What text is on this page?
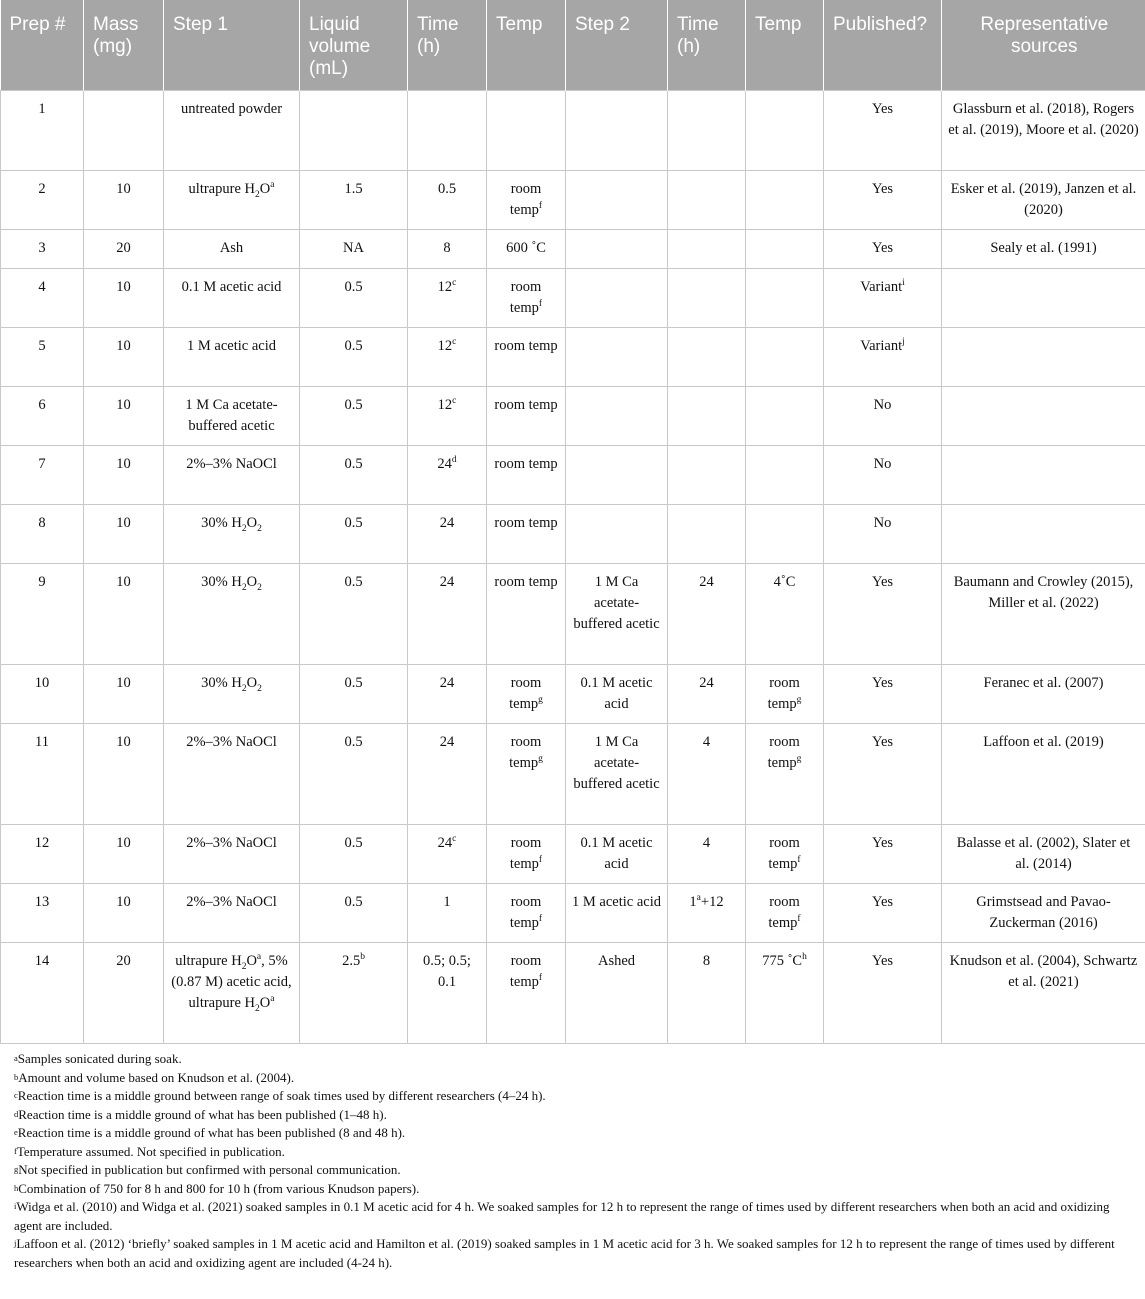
Prep #	Mass (mg)	Step 1	Liquid volume (mL)	Time (h)	Temp	Step 2	Time (h)	Temp	Published?	Representative sources
1		untreated powder							Yes	Glassburn et al. (2018), Rogers et al. (2019), Moore et al. (2020)
2	10	ultrapure $H_2O^a$	1.5	0.5	room temp$^f$				Yes	Esker et al. (2019), Janzen et al. (2020)
3	20	Ash	NA	8	600 ˚C				Yes	Sealy et al. (1991)
4	10	0.1 M acetic acid	0.5	12$^c$	room temp$^f$				Variant$^i$	
5	10	1 M acetic acid	0.5	12$^c$	room temp				Variant$^j$	
6	10	1 M Ca acetate-buffered acetic	0.5	12$^c$	room temp				No	
7	10	2%–3% NaOCl	0.5	24$^d$	room temp				No	
8	10	30% $H_2O_2$	0.5	24	room temp				No	
9	10	30% $H_2O_2$	0.5	24	room temp	1 M Ca acetate-buffered acetic	24	4˚C	Yes	Baumann and Crowley (2015), Miller et al. (2022)
10	10	30% $H_2O_2$	0.5	24	room temp$^g$	0.1 M acetic acid	24	room temp$^g$	Yes	Feranec et al. (2007)
11	10	2%–3% NaOCl	0.5	24	room temp$^g$	1 M Ca acetate-buffered acetic	4	room temp$^g$	Yes	Laffoon et al. (2019)
12	10	2%–3% NaOCl	0.5	24$^c$	room temp$^f$	0.1 M acetic acid	4	room temp$^f$	Yes	Balasse et al. (2002), Slater et al. (2014)
13	10	2%–3% NaOCl	0.5	1	room temp$^f$	1 M acetic acid	$1^a+12$	room temp$^f$	Yes	Grimstsead and Pavao-Zuckerman (2016)
14	20	ultrapure $H_2O^a$, 5% (0.87 M) acetic acid, ultrapure $H_2O^a$	2.5$^b$	0.5; 0.5; 0.1	room temp$^f$	Ashed	8	775 $˚C^h$	Yes	Knudson et al. (2004), Schwartz et al. (2021)
$^a$Samples sonicated during soak.
$^b$Amount and volume based on Knudson et al. (2004).
$^c$Reaction time is a middle ground between range of soak times used by different researchers (4–24 h).
$^d$Reaction time is a middle ground of what has been published (1–48 h).
$^e$Reaction time is a middle ground of what has been published (8 and 48 h).
$^f$Temperature assumed. Not specified in publication.
$^g$Not specified in publication but confirmed with personal communication.
$^h$Combination of 750 for 8 h and 800 for 10 h (from various Knudson papers).
$^i$Widga et al. (2010) and Widga et al. (2021) soaked samples in 0.1 M acetic acid for 4 h. We soaked samples for 12 h to represent the range of times used by different researchers when both an acid and oxidizing agent are included.
$^j$Laffoon et al. (2012) ‘briefly’ soaked samples in 1 M acetic acid and Hamilton et al. (2019) soaked samples in 1 M acetic acid for 3 h. We soaked samples for 12 h to represent the range of times used by different researchers when both an acid and oxidizing agent are included (4-24 h).
